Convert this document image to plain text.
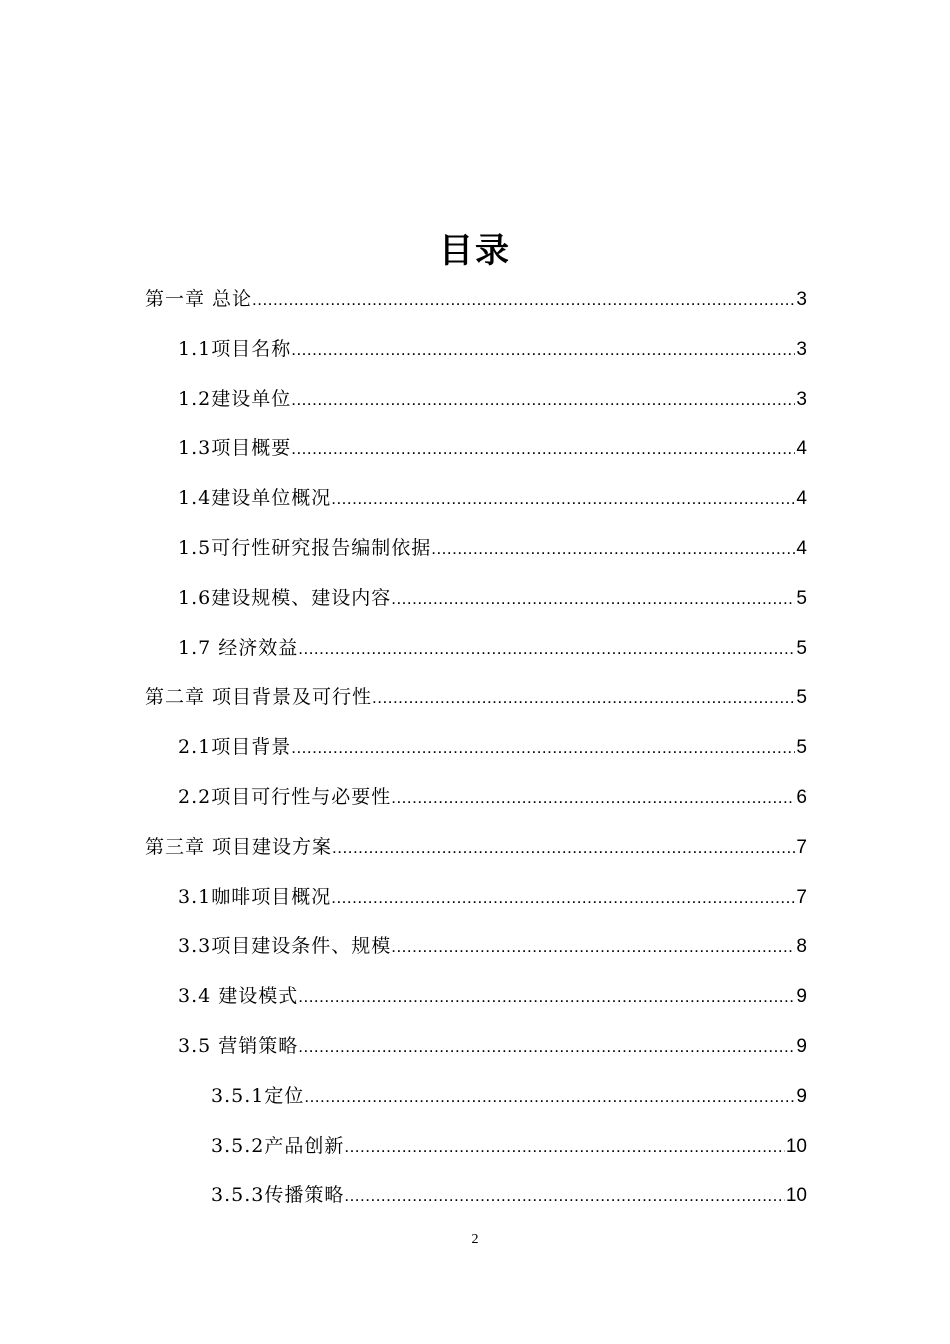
目录
第一章 总论 .....	3
1.1项目名称 .....	3
1.2建设单位 .....	3
1.3项目概要 .....	4
1.4建设单位概况 .....	4
1.5可行性研究报告编制依据 .....	4
1.6建设规模、建设内容 .....	5
1.7 经济效益 .....	5
第二章 项目背景及可行性 .....	5
2.1项目背景 .....	5
2.2项目可行性与必要性 .....	6
第三章 项目建设方案 .....	7
3.1咖啡项目概况 .....	7
3.3项目建设条件、规模 .....	8
3.4 建设模式 .....	9
3.5 营销策略 .....	9
3.5.1定位 .....	9
3.5.2产品创新 .....	10
3.5.3传播策略 .....	10
2
